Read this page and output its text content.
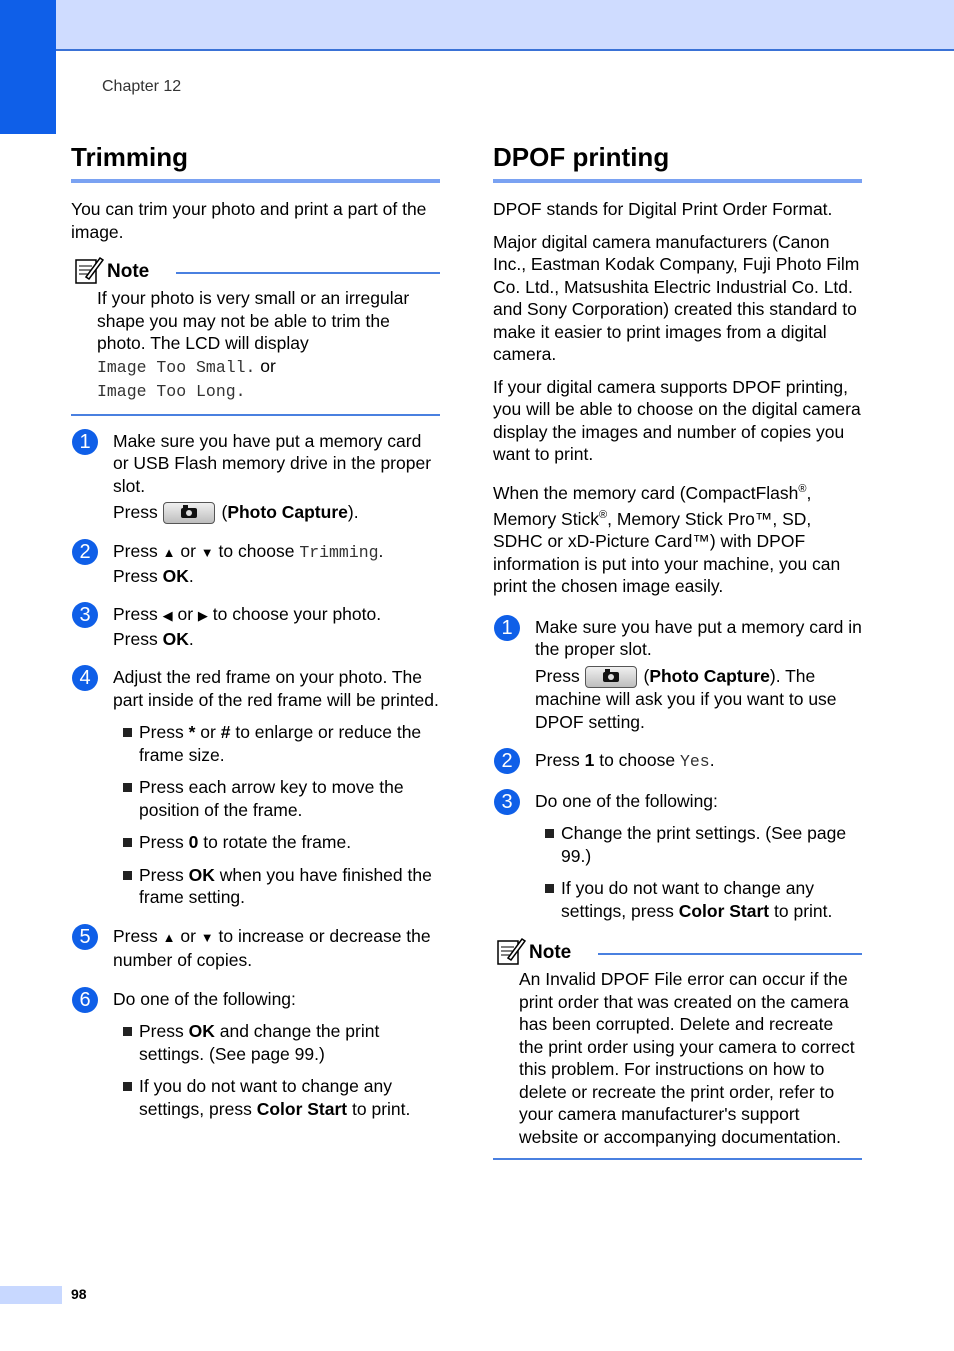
Chapter 12
Trimming

You can trim your photo and print a part of the image.

Note

If your photo is very small or an irregular shape you may not be able to trim the photo. The LCD will display
Image Too Small. or
Image Too Long.

1	Make sure you have put a memory card or USB Flash memory drive in the proper slot.

Press	(Photo Capture).

2	Press ▲ or ▼ to choose Trimming.
Press OK.

3	Press ◀ or ▶ to choose your photo.
Press OK.

4	Adjust the red frame on your photo. The part inside of the red frame will be printed.

Press * or # to enlarge or reduce the frame size.

Press each arrow key to move the position of the frame.

Press 0 to rotate the frame.

Press OK when you have finished the frame setting.

5	Press ▲ or ▼ to increase or decrease the number of copies.

6	Do one of the following:

Press OK and change the print settings. (See page 99.)

If you do not want to change any settings, press Color Start to print.

DPOF printing

DPOF stands for Digital Print Order Format.

Major digital camera manufacturers (Canon Inc., Eastman Kodak Company, Fuji Photo Film Co. Ltd., Matsushita Electric Industrial Co. Ltd. and Sony Corporation) created this standard to make it easier to print images from a digital camera.

If your digital camera supports DPOF printing, you will be able to choose on the digital camera display the images and number of copies you want to print.

When the memory card (CompactFlash®, Memory Stick®, Memory Stick Pro™, SD, SDHC or xD-Picture Card™) with DPOF information is put into your machine, you can print the chosen image easily.

1	Make sure you have put a memory card in the proper slot.

Press	(Photo Capture). The machine will ask you if you want to use DPOF setting.

2	Press 1 to choose Yes.

3	Do one of the following:

Change the print settings. (See page 99.)

If you do not want to change any settings, press Color Start to print.

Note

An Invalid DPOF File error can occur if the print order that was created on the camera has been corrupted. Delete and recreate the print order using your camera to correct this problem. For instructions on how to delete or recreate the print order, refer to your camera manufacturer's support website or accompanying documentation.

98
